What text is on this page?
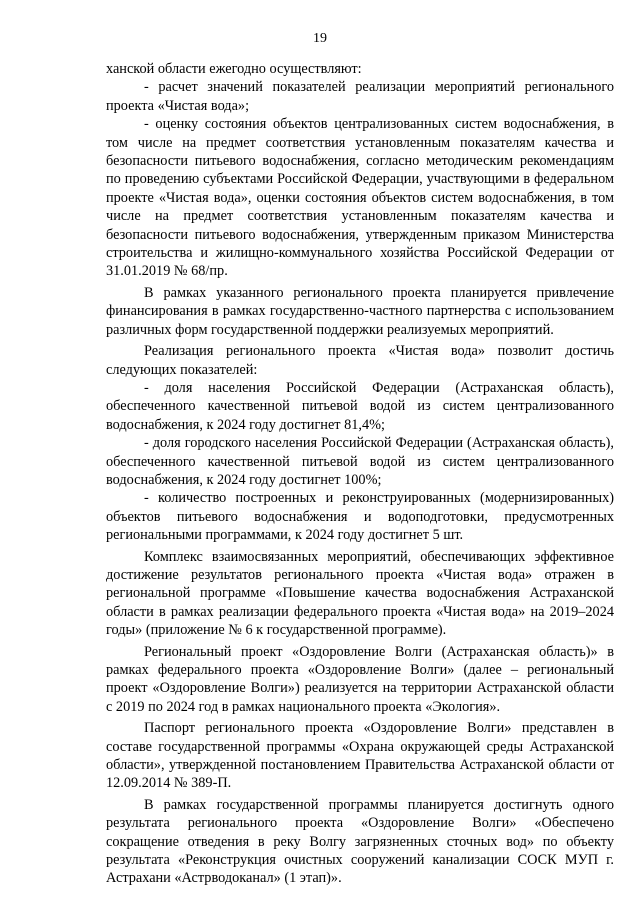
19

ханской области ежегодно осуществляют:

- расчет значений показателей реализации мероприятий регионального проекта «Чистая вода»;

- оценку состояния объектов централизованных систем водоснабжения, в том числе на предмет соответствия установленным показателям качества и безопасности питьевого водоснабжения, согласно методическим рекомендациям по проведению субъектами Российской Федерации, участвующими в федеральном проекте «Чистая вода», оценки состояния объектов систем водоснабжения, в том числе на предмет соответствия установленным показателям качества и безопасности питьевого водоснабжения, утвержденным приказом Министерства строительства и жилищно-коммунального хозяйства Российской Федерации от 31.01.2019 № 68/пр.

В рамках указанного регионального проекта планируется привлечение финансирования в рамках государственно-частного партнерства с использованием различных форм государственной поддержки реализуемых мероприятий.

Реализация регионального проекта «Чистая вода» позволит достичь следующих показателей:

- доля населения Российской Федерации (Астраханская область), обеспеченного качественной питьевой водой из систем централизованного водоснабжения, к 2024 году достигнет 81,4%;

- доля городского населения Российской Федерации (Астраханская область), обеспеченного качественной питьевой водой из систем централизованного водоснабжения, к 2024 году достигнет 100%;

- количество построенных и реконструированных (модернизированных) объектов питьевого водоснабжения и водоподготовки, предусмотренных региональными программами, к 2024 году достигнет 5 шт.

Комплекс взаимосвязанных мероприятий, обеспечивающих эффективное достижение результатов регионального проекта «Чистая вода» отражен в региональной программе «Повышение качества водоснабжения Астраханской области в рамках реализации федерального проекта «Чистая вода» на 2019–2024 годы» (приложение № 6 к государственной программе).

Региональный проект «Оздоровление Волги (Астраханская область)» в рамках федерального проекта «Оздоровление Волги» (далее – региональный проект «Оздоровление Волги») реализуется на территории Астраханской области с 2019 по 2024 год в рамках национального проекта «Экология».

Паспорт регионального проекта «Оздоровление Волги» представлен в составе государственной программы «Охрана окружающей среды Астраханской области», утвержденной постановлением Правительства Астраханской области от 12.09.2014 № 389-П.

В рамках государственной программы планируется достигнуть одного результата регионального проекта «Оздоровление Волги» «Обеспечено сокращение отведения в реку Волгу загрязненных сточных вод» по объекту результата «Реконструкция очистных сооружений канализации СОСК МУП г. Астрахани «Астрводоканал» (1 этап)».
